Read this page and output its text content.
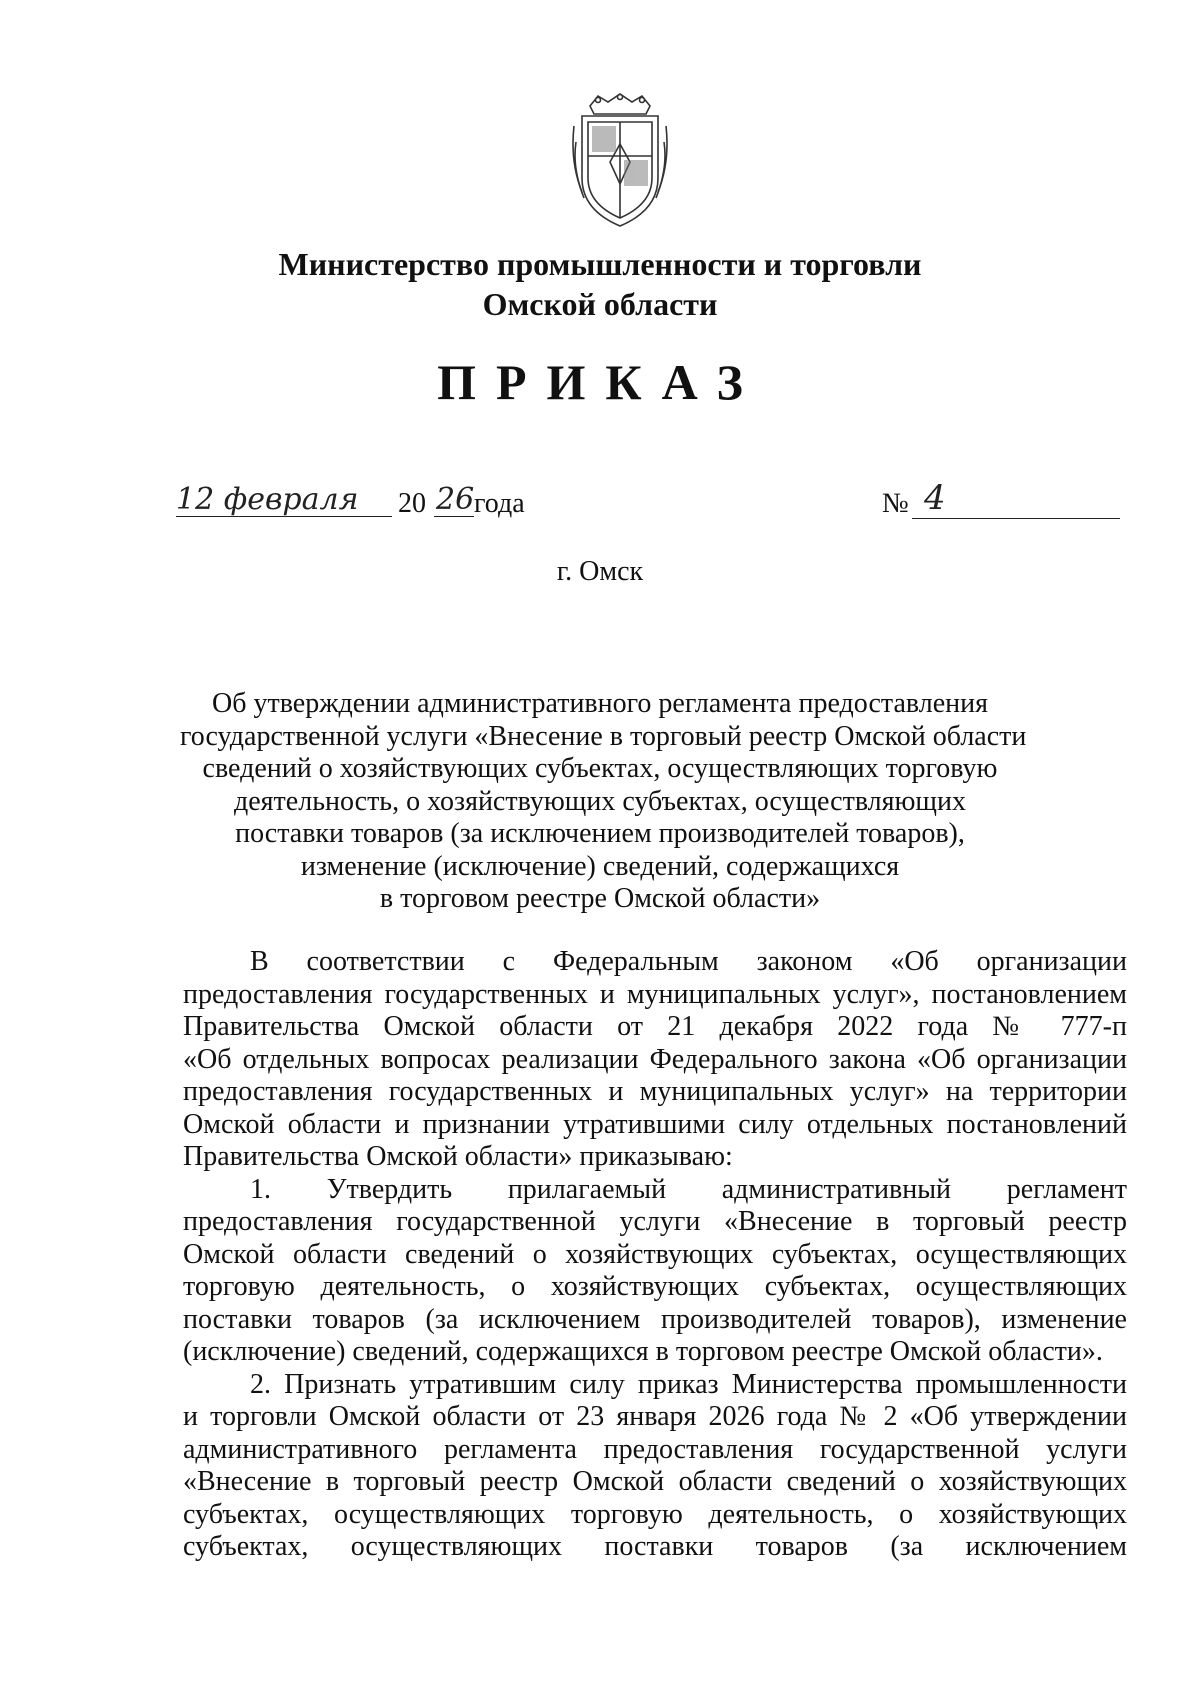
Министерство промышленности и торговли
Омской области
ПРИКАЗ
12 февраля 20 26 года	№ 4
г. Омск
Об утверждении административного регламента предоставления
государственной услуги «Внесение в торговый реестр Омской области
сведений о хозяйствующих субъектах, осуществляющих торговую
деятельность, о хозяйствующих субъектах, осуществляющих
поставки товаров (за исключением производителей товаров),
изменение (исключение) сведений, содержащихся
в торговом реестре Омской области»
В соответствии с Федеральным законом «Об организации
предоставления государственных и муниципальных услуг», постановлением
Правительства Омской области от 21 декабря 2022 года № 777-п
«Об отдельных вопросах реализации Федерального закона «Об организации
предоставления государственных и муниципальных услуг» на территории
Омской области и признании утратившими силу отдельных постановлений
Правительства Омской области» приказываю:
1. Утвердить прилагаемый административный регламент
предоставления государственной услуги «Внесение в торговый реестр
Омской области сведений о хозяйствующих субъектах, осуществляющих
торговую деятельность, о хозяйствующих субъектах, осуществляющих
поставки товаров (за исключением производителей товаров), изменение
(исключение) сведений, содержащихся в торговом реестре Омской области».
2. Признать утратившим силу приказ Министерства промышленности
и торговли Омской области от 23 января 2026 года № 2 «Об утверждении
административного регламента предоставления государственной услуги
«Внесение в торговый реестр Омской области сведений о хозяйствующих
субъектах, осуществляющих торговую деятельность, о хозяйствующих
субъектах, осуществляющих поставки товаров (за исключением
